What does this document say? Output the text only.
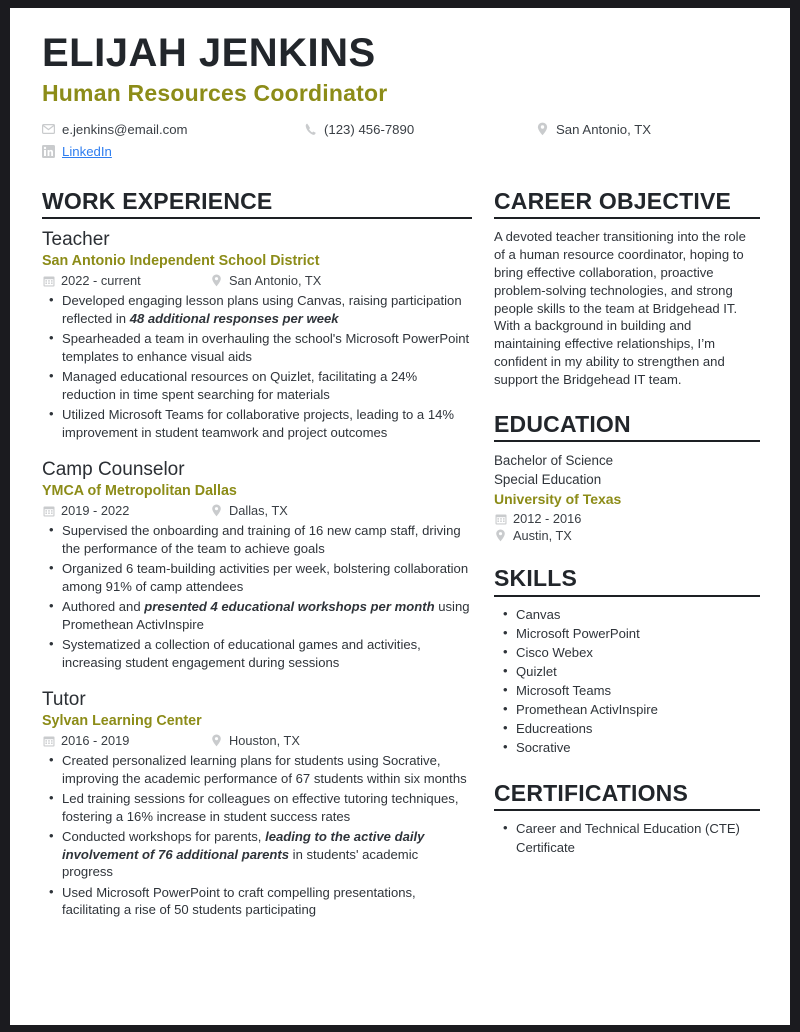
ELIJAH JENKINS
Human Resources Coordinator
e.jenkins@email.com	(123) 456-7890	San Antonio, TX
LinkedIn
WORK EXPERIENCE
Teacher
San Antonio Independent School District
2022 - current	San Antonio, TX
• Developed engaging lesson plans using Canvas, raising participation reflected in 48 additional responses per week
• Spearheaded a team in overhauling the school's Microsoft PowerPoint templates to enhance visual aids
• Managed educational resources on Quizlet, facilitating a 24% reduction in time spent searching for materials
• Utilized Microsoft Teams for collaborative projects, leading to a 14% improvement in student teamwork and project outcomes
Camp Counselor
YMCA of Metropolitan Dallas
2019 - 2022	Dallas, TX
• Supervised the onboarding and training of 16 new camp staff, driving the performance of the team to achieve goals
• Organized 6 team-building activities per week, bolstering collaboration among 91% of camp attendees
• Authored and presented 4 educational workshops per month using Promethean ActivInspire
• Systematized a collection of educational games and activities, increasing student engagement during sessions
Tutor
Sylvan Learning Center
2016 - 2019	Houston, TX
• Created personalized learning plans for students using Socrative, improving the academic performance of 67 students within six months
• Led training sessions for colleagues on effective tutoring techniques, fostering a 16% increase in student success rates
• Conducted workshops for parents, leading to the active daily involvement of 76 additional parents in students' academic progress
• Used Microsoft PowerPoint to craft compelling presentations, facilitating a rise of 50 students participating
CAREER OBJECTIVE
A devoted teacher transitioning into the role of a human resource coordinator, hoping to bring effective collaboration, proactive problem-solving technologies, and strong people skills to the team at Bridgehead IT. With a background in building and maintaining effective relationships, I’m confident in my ability to strengthen and support the Bridgehead IT team.
EDUCATION
Bachelor of Science
Special Education
University of Texas
2012 - 2016
Austin, TX
SKILLS
• Canvas
• Microsoft PowerPoint
• Cisco Webex
• Quizlet
• Microsoft Teams
• Promethean ActivInspire
• Educreations
• Socrative
CERTIFICATIONS
• Career and Technical Education (CTE) Certificate
